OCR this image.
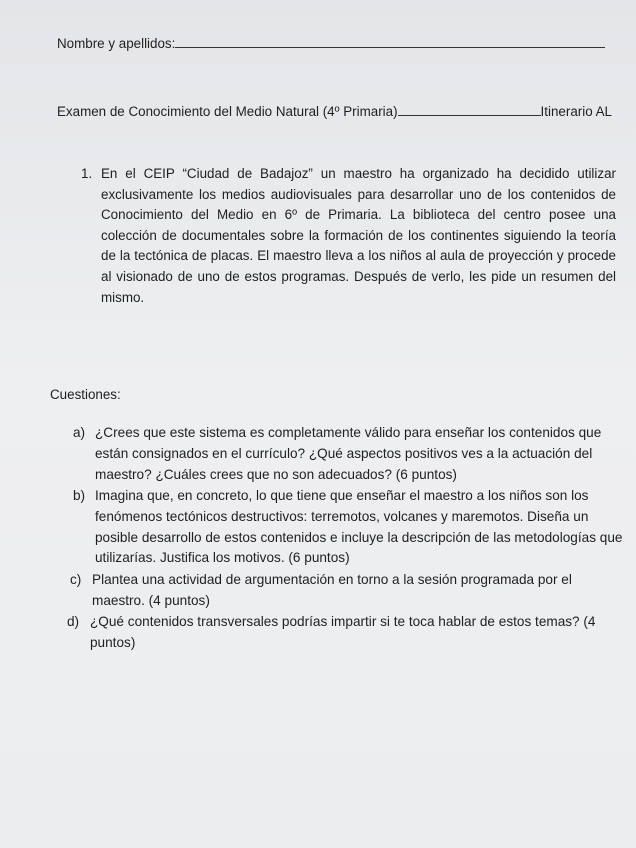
Nombre y apellidos:
Examen de Conocimiento del Medio Natural (4º Primaria)	Itinerario AL
1. En el CEIP “Ciudad de Badajoz” un maestro ha organizado ha decidido utilizar exclusivamente los medios audiovisuales para desarrollar uno de los contenidos de Conocimiento del Medio en 6º de Primaria. La biblioteca del centro posee una colección de documentales sobre la formación de los continentes siguiendo la teoría de la tectónica de placas. El maestro lleva a los niños al aula de proyección y procede al visionado de uno de estos programas. Después de verlo, les pide un resumen del mismo.
Cuestiones:
a) ¿Crees que este sistema es completamente válido para enseñar los contenidos que están consignados en el currículo? ¿Qué aspectos positivos ves a la actuación del maestro? ¿Cuáles crees que no son adecuados? (6 puntos)
b) Imagina que, en concreto, lo que tiene que enseñar el maestro a los niños son los fenómenos tectónicos destructivos: terremotos, volcanes y maremotos. Diseña un posible desarrollo de estos contenidos e incluye la descripción de las metodologías que utilizarías. Justifica los motivos. (6 puntos)
c) Plantea una actividad de argumentación en torno a la sesión programada por el maestro. (4 puntos)
d) ¿Qué contenidos transversales podrías impartir si te toca hablar de estos temas? (4 puntos)
